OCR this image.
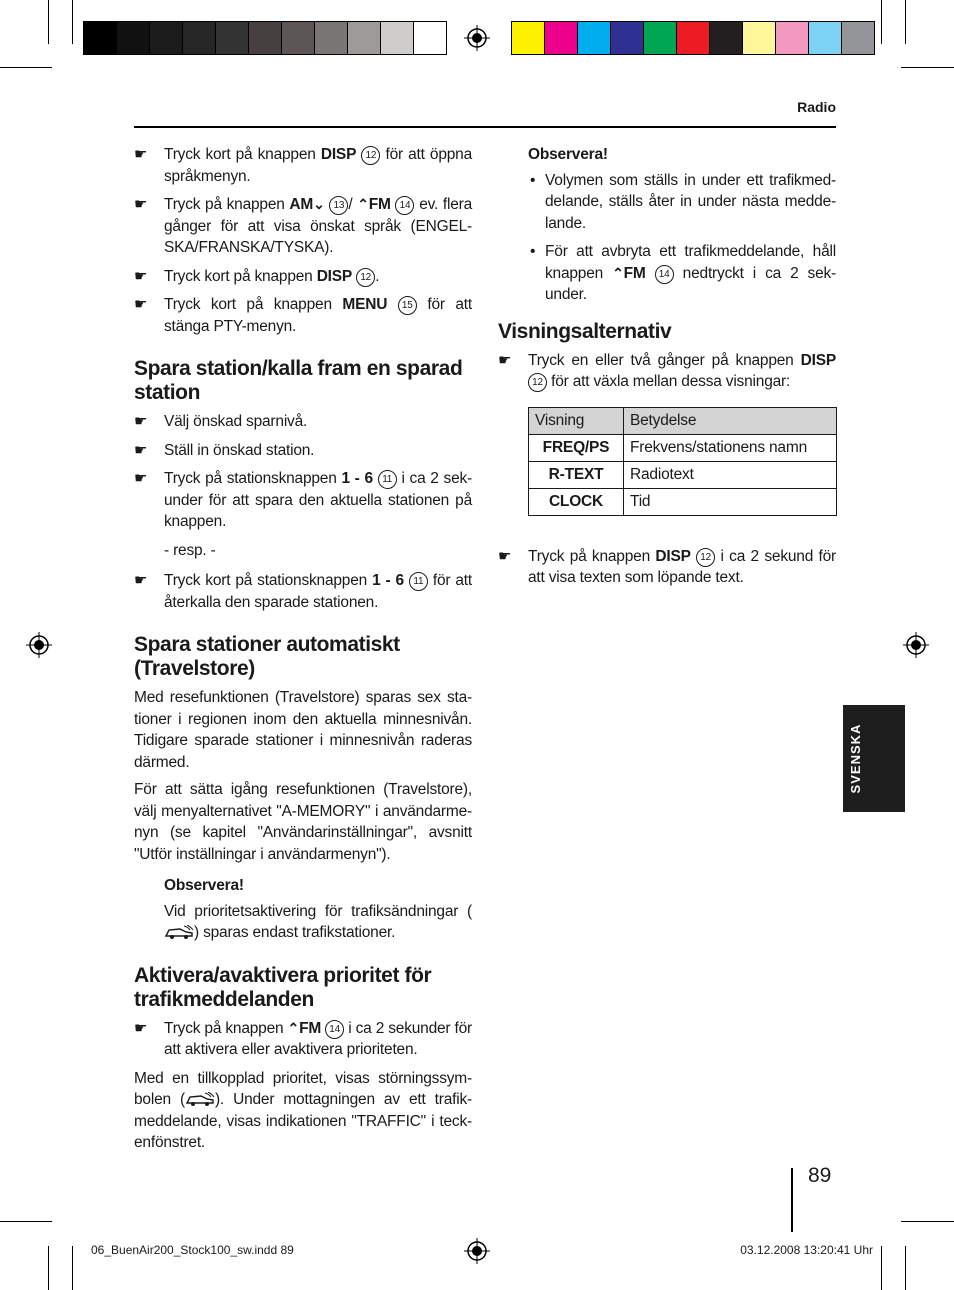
Radio
☛ Tryck kort på knappen DISP 12 för att öppna språkmenyn.
☛ Tryck på knappen AM⌄ 13 / ⌃FM 14 ev. flera gånger för att visa önskat språk (ENGEL-SKA/FRANSKA/TYSKA).
☛ Tryck kort på knappen DISP 12 .
☛ Tryck kort på knappen MENU 15 för att stänga PTY-menyn.
Spara station/kalla fram en sparad station
☛ Välj önskad sparnivå.
☛ Ställ in önskad station.
☛ Tryck på stationsknappen 1 - 6 11 i ca 2 sek-under för att spara den aktuella stationen på knappen.
- resp. -
☛ Tryck kort på stationsknappen 1 - 6 11 för att återkalla den sparade stationen.
Spara stationer automatiskt (Travelstore)
Med resefunktionen (Travelstore) sparas sex sta-tioner i regionen inom den aktuella minnesnivån. Tidigare sparade stationer i minnesnivån raderas därmed.
För att sätta igång resefunktionen (Travelstore), välj menyalternativet "A-MEMORY" i användarme-nyn (se kapitel "Användarinställningar", avsnitt "Utför inställningar i användarmenyn").
Observera!
Vid prioritetsaktivering för trafiksändningar () sparas endast trafikstationer.
Aktivera/avaktivera prioritet för trafikmeddelanden
☛ Tryck på knappen ⌃FM 14 i ca 2 sekunder för att aktivera eller avaktivera prioriteten.
Med en tillkopplad prioritet, visas störningssym-bolen ( ). Under mottagningen av ett trafik-meddelande, visas indikationen "TRAFFIC" i teck-enfönstret.
Observera!
• Volymen som ställs in under ett trafikmed-delande, ställs åter in under nästa medde-lande.
• För att avbryta ett trafikmeddelande, håll knappen ⌃FM 14 nedtryckt i ca 2 sek-under.
Visningsalternativ
☛ Tryck en eller två gånger på knappen DISP 12 för att växla mellan dessa visningar:
Visning	Betydelse
FREQ/PS	Frekvens/stationens namn
R-TEXT	Radiotext
CLOCK	Tid
☛ Tryck på knappen DISP 12 i ca 2 sekund för att visa texten som löpande text.
SVENSKA
89
06_BuenAir200_Stock100_sw.indd 89	03.12.2008 13:20:41 Uhr
